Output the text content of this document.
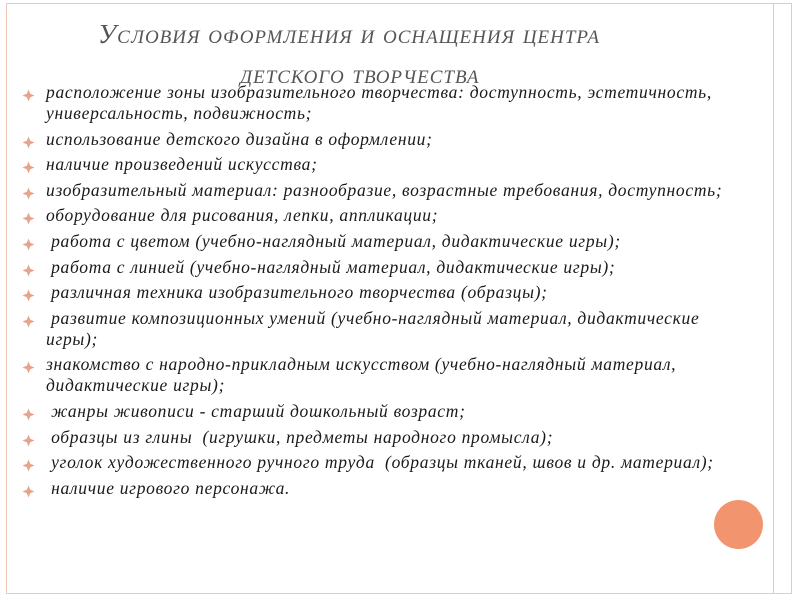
Условия оформления и оснащения центра
детского творчества
расположение зоны изобразительного творчества: доступность, эстетичность, универсальность, подвижность;
использование детского дизайна в оформлении;
наличие произведений искусства;
изобразительный материал: разнообразие, возрастные требования, доступность;
оборудование для рисования, лепки, аппликации;
работа с цветом (учебно-наглядный материал, дидактические игры);
работа с линией (учебно-наглядный материал, дидактические игры);
различная техника изобразительного творчества (образцы);
развитие композиционных умений (учебно-наглядный материал, дидактические игры);
знакомство с народно-прикладным искусством (учебно-наглядный материал, дидактические игры);
жанры живописи - старший дошкольный возраст;
образцы из глины  (игрушки, предметы народного промысла);
уголок художественного ручного труда  (образцы тканей, швов и др. материал);
наличие игрового персонажа.
